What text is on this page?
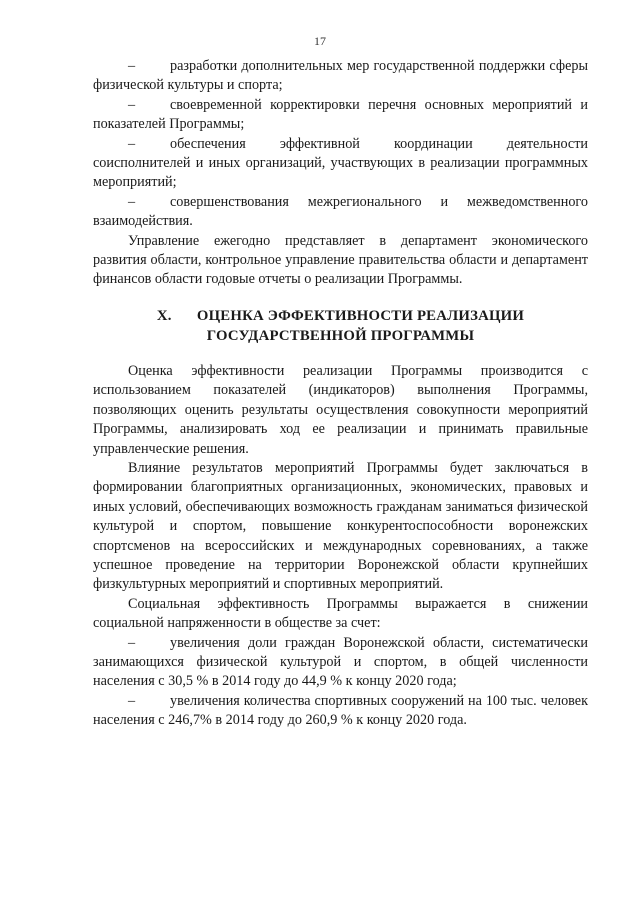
17

– разработки дополнительных мер государственной поддержки сферы физической культуры и спорта;

– своевременной корректировки перечня основных мероприятий и показателей Программы;

– обеспечения эффективной координации деятельности соисполнителей и иных организаций, участвующих в реализации программных мероприятий;

– совершенствования межрегионального и межведомственного взаимодействия.

Управление ежегодно представляет в департамент экономического развития области, контрольное управление правительства области и департамент финансов области годовые отчеты о реализации Программы.

X. ОЦЕНКА ЭФФЕКТИВНОСТИ РЕАЛИЗАЦИИ ГОСУДАРСТВЕННОЙ ПРОГРАММЫ

Оценка эффективности реализации Программы производится с использованием показателей (индикаторов) выполнения Программы, позволяющих оценить результаты осуществления совокупности мероприятий Программы, анализировать ход ее реализации и принимать правильные управленческие решения.

Влияние результатов мероприятий Программы будет заключаться в формировании благоприятных организационных, экономических, правовых и иных условий, обеспечивающих возможность гражданам заниматься физической культурой и спортом, повышение конкурентоспособности воронежских спортсменов на всероссийских и международных соревнованиях, а также успешное проведение на территории Воронежской области крупнейших физкультурных мероприятий и спортивных мероприятий.

Социальная эффективность Программы выражается в снижении социальной напряженности в обществе за счет:

– увеличения доли граждан Воронежской области, систематически занимающихся физической культурой и спортом, в общей численности населения с 30,5 % в 2014 году до 44,9 % к концу 2020 года;

– увеличения количества спортивных сооружений на 100 тыс. человек населения с 246,7% в 2014 году до 260,9 % к концу 2020 года.
